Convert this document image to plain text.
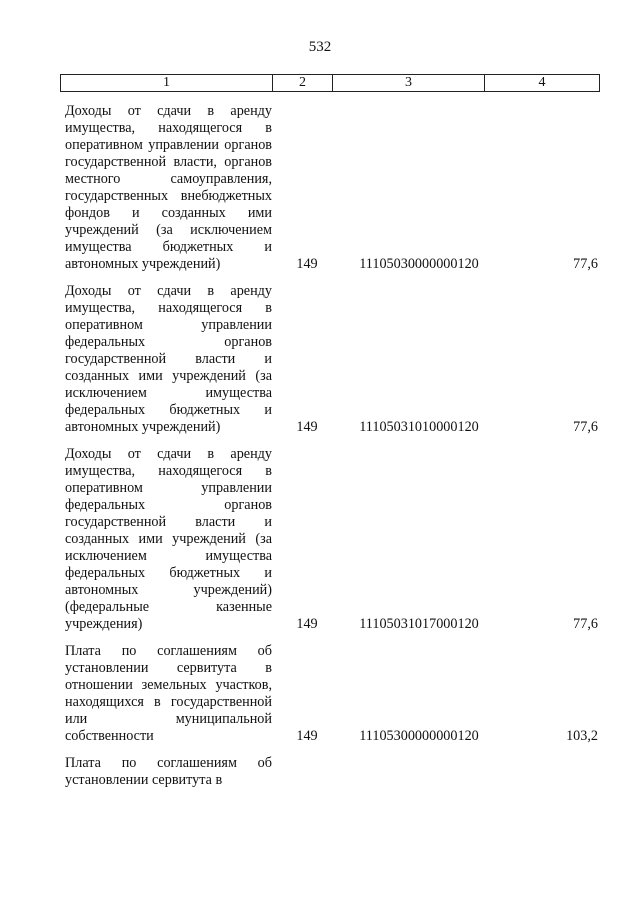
532
1	2	3	4
Доходы от сдачи в аренду имущества, находящегося в оперативном управлении органов государственной власти, органов местного самоуправления, государственных внебюджетных фондов и созданных ими учреждений (за исключением имущества бюджетных и автономных учреждений)	149	11105030000000120	77,6
Доходы от сдачи в аренду имущества, находящегося в оперативном управлении федеральных органов государственной власти и созданных ими учреждений (за исключением имущества федеральных бюджетных и автономных учреждений)	149	11105031010000120	77,6
Доходы от сдачи в аренду имущества, находящегося в оперативном управлении федеральных органов государственной власти и созданных ими учреждений (за исключением имущества федеральных бюджетных и автономных учреждений) (федеральные казенные учреждения)	149	11105031017000120	77,6
Плата по соглашениям об установлении сервитута в отношении земельных участков, находящихся в государственной или муниципальной собственности	149	11105300000000120	103,2
Плата по соглашениям об установлении сервитута в
